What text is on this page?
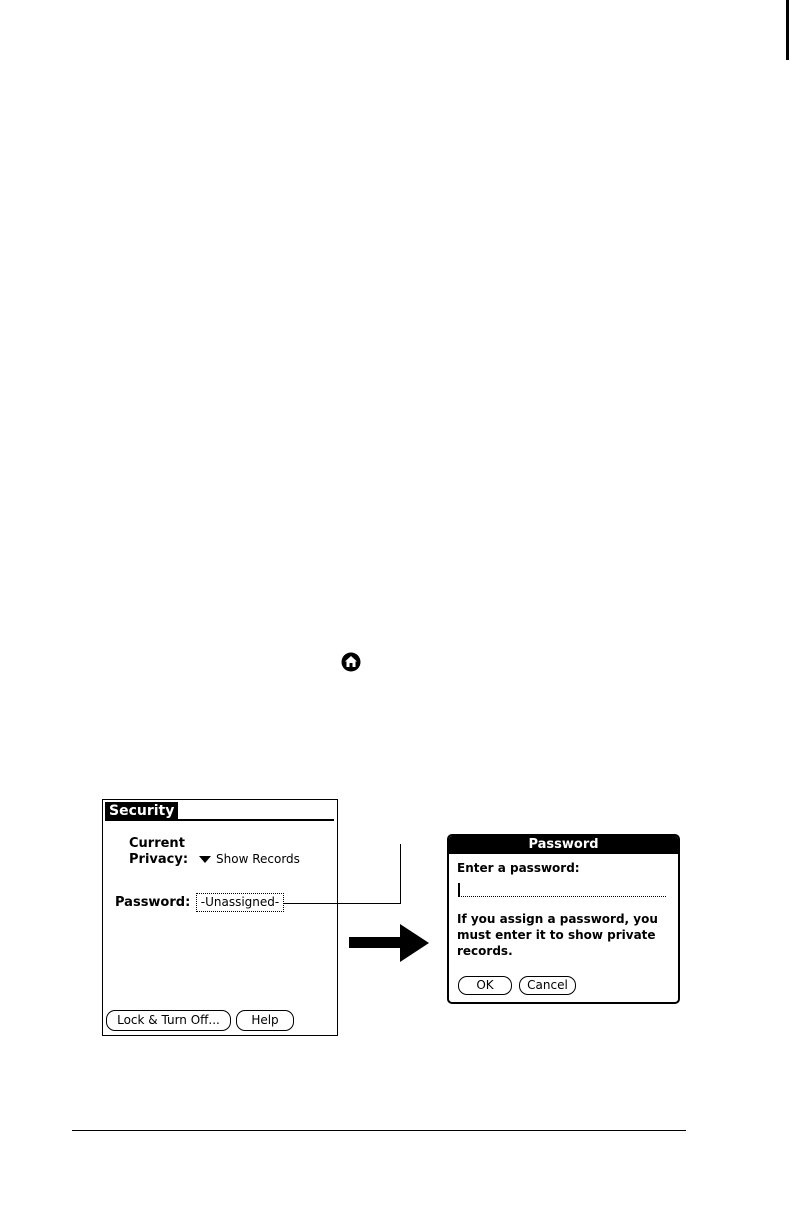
Security
Current
Privacy: Show Records
Password: -Unassigned-
Lock & Turn Off...	Help
Password
Enter a password:
If you assign a password, you must enter it to show private records.
OK	Cancel
